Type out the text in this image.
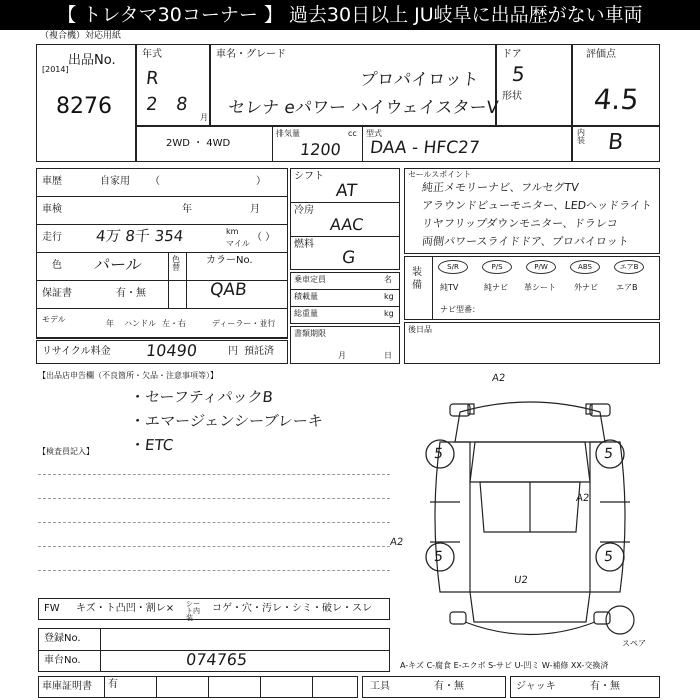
【 トレタマ30コーナー 】 過去30日以上 JU岐阜に出品歴がない車両
（複合機）対応用紙
[2014]
出品No.
8276
年式
R
2 8
月
車名・グレード
プロパイロット
セレナ eパワー ハイウェイスターV
ドア
5
形状
評価点
4.5
内装 B
2WD ・ 4WD
排気量	cc
1200
型式
DAA - HFC27
車歴	自家用 （	）
車検	年	月
走行 4万 8千 354	km
マイル
（ ）
色 パール	色替
カラーNo.
QAB
保証書	有・無
モデル	年 ハンドル 左・右	ディーラー・並行
リサイクル料金 10490	円 預託済
シフト
AT
冷房
AAC
燃料
G
乗車定員	名
積載量	kg
総重量	kg
書類期限
月	日
セールスポイント
純正メモリーナビ、フルセグTV
アラウンドビューモニター、LEDヘッドライト
リヤフリップダウンモニター、ドラレコ
両側パワースライドドア、プロパイロット
装備
S/R	P/S	P/W	ABS	エアB
純TV	純ナビ 革シート 外ナビ エアB
ナビ型番：
後日品
【出品店申告欄（不良箇所・欠品・注意事項等）】
・セーフティパックB
・エマージェンシーブレーキ
・ETC
【検査員記入】
A2
A2
A2
U2
5	5
5	5
スペア
FW キズ・ト凸凹・割レ× シート内装
コゲ・穴・汚レ・シミ・破レ・スレ
登録No.
車台No.	074765	A-キズ C-腐食 E-エクボ S-サビ U-凹ミ W-補修 XX-交換済
車庫証明書 有	工具	有・無	ジャッキ	有・無
